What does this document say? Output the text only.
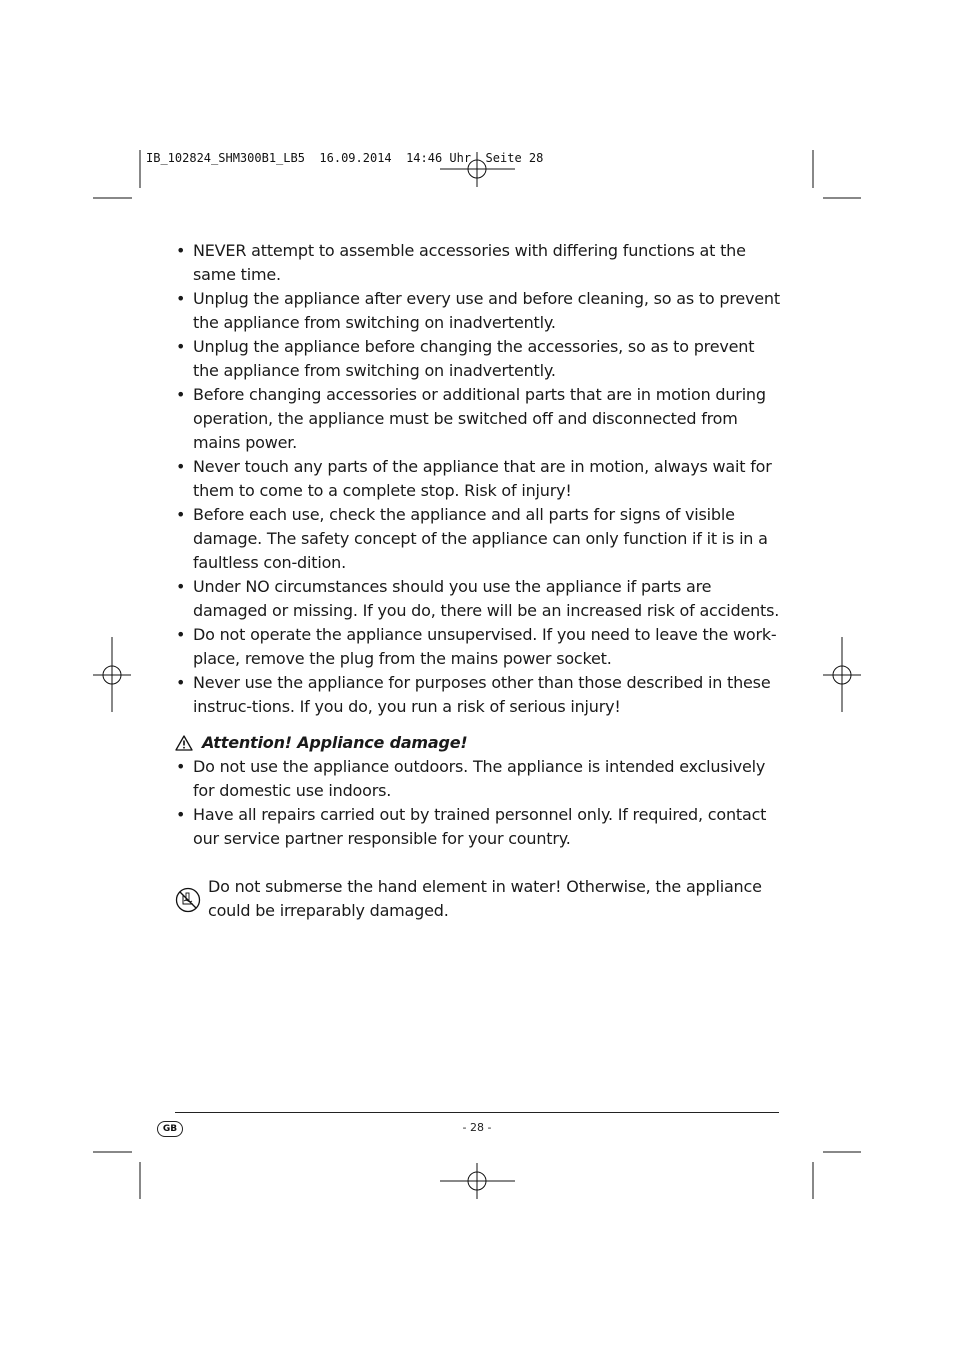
IB_102824_SHM300B1_LB5  16.09.2014  14:46 Uhr  Seite 28
• NEVER attempt to assemble accessories with differing functions at the same time.
• Unplug the appliance after every use and before cleaning, so as to prevent the appliance from switching on inadvertently.
• Unplug the appliance before changing the accessories, so as to prevent the appliance from switching on inadvertently.
• Before changing accessories or additional parts that are in motion during operation, the appliance must be switched off and disconnected from mains power.
• Never touch any parts of the appliance that are in motion, always wait for them to come to a complete stop. Risk of injury!
• Before each use, check the appliance and all parts for signs of visible damage. The safety concept of the appliance can only function if it is in a faultless con-dition.
• Under NO circumstances should you use the appliance if parts are damaged or missing. If you do, there will be an increased risk of accidents.
• Do not operate the appliance unsupervised. If you need to leave the work-place, remove the plug from the mains power socket.
• Never use the appliance for purposes other than those described in these instruc-tions. If you do, you run a risk of serious injury!
Attention! Appliance damage!
• Do not use the appliance outdoors. The appliance is intended exclusively for domestic use indoors.
• Have all repairs carried out by trained personnel only. If required, contact our service partner responsible for your country.

Do not submerse the hand element in water! Otherwise, the appliance could be irreparably damaged.

GB	- 28 -
